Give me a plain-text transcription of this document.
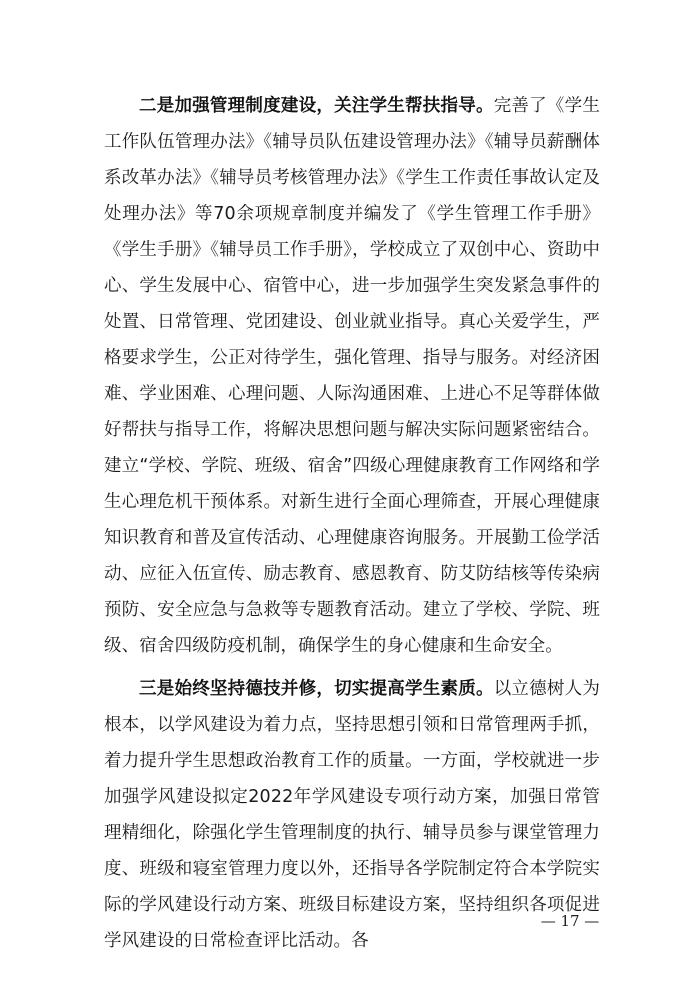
二是加强管理制度建设，关注学生帮扶指导。完善了《学生工作队伍管理办法》《辅导员队伍建设管理办法》《辅导员薪酬体系改革办法》《辅导员考核管理办法》《学生工作责任事故认定及处理办法》等70余项规章制度并编发了《学生管理工作手册》《学生手册》《辅导员工作手册》，学校成立了双创中心、资助中心、学生发展中心、宿管中心，进一步加强学生突发紧急事件的处置、日常管理、党团建设、创业就业指导。真心关爱学生，严格要求学生，公正对待学生，强化管理、指导与服务。对经济困难、学业困难、心理问题、人际沟通困难、上进心不足等群体做好帮扶与指导工作，将解决思想问题与解决实际问题紧密结合。建立“学校、学院、班级、宿舍”四级心理健康教育工作网络和学生心理危机干预体系。对新生进行全面心理筛查，开展心理健康知识教育和普及宣传活动、心理健康咨询服务。开展勤工俭学活动、应征入伍宣传、励志教育、感恩教育、防艾防结核等传染病预防、安全应急与急救等专题教育活动。建立了学校、学院、班级、宿舍四级防疫机制，确保学生的身心健康和生命安全。

三是始终坚持德技并修，切实提高学生素质。以立德树人为根本，以学风建设为着力点，坚持思想引领和日常管理两手抓，着力提升学生思想政治教育工作的质量。一方面，学校就进一步加强学风建设拟定2022年学风建设专项行动方案，加强日常管理精细化，除强化学生管理制度的执行、辅导员参与课堂管理力度、班级和寝室管理力度以外，还指导各学院制定符合本学院实际的学风建设行动方案、班级目标建设方案，坚持组织各项促进学风建设的日常检查评比活动。各

— 17 —
